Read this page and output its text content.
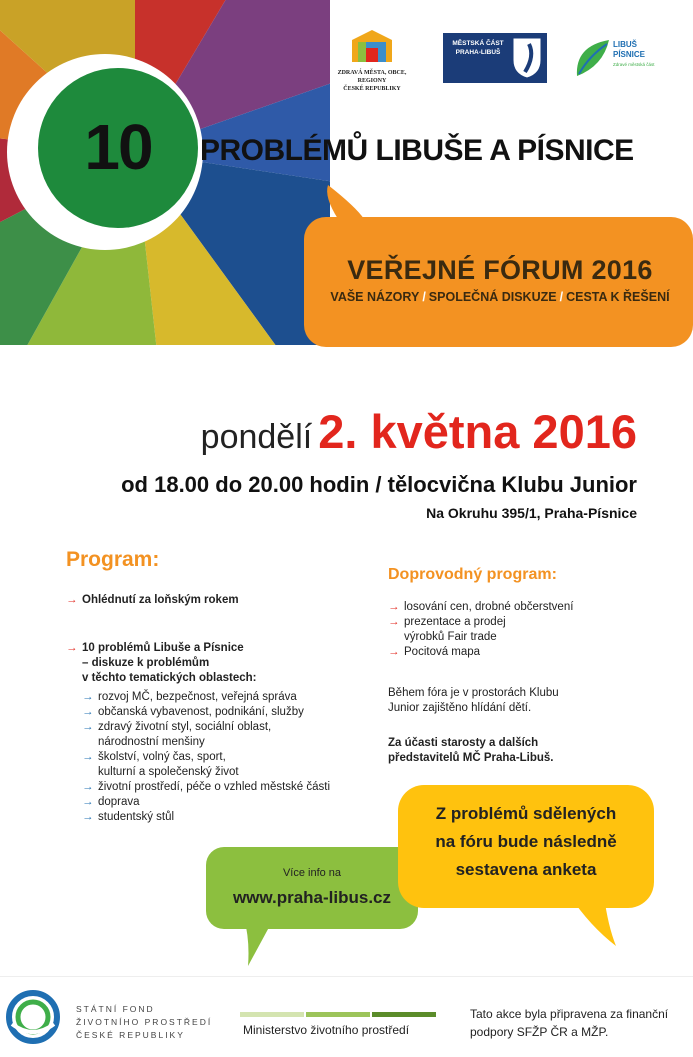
10
ZDRAVÁ MĚSTA, OBCE, REGIONY
ČESKÉ REPUBLIKY
MĚSTSKÁ ČÁST
PRAHA-LIBUŠ
LIBUŠ
PÍSNICE
Zdravé městská část
PROBLÉMŮ LIBUŠE A PÍSNICE
VEŘEJNÉ FÓRUM 2016
VAŠE NÁZORY / SPOLEČNÁ DISKUZE / CESTA K ŘEŠENÍ
pondělí 2. května 2016
od 18.00 do 20.00 hodin / tělocvična Klubu Junior
Na Okruhu 395/1, Praha-Písnice
Program:
→ Ohlédnutí za loňským rokem
→ 10 problémů Libuše a Písnice
– diskuze k problémům
v těchto tematických oblastech:
→ rozvoj MČ, bezpečnost, veřejná správa
→ občanská vybavenost, podnikání, služby
→ zdravý životní styl, sociální oblast,
národnostní menšiny
→ školství, volný čas, sport,
kulturní a společenský život
→ životní prostředí, péče o vzhled městské části
→ doprava
→ studentský stůl
Doprovodný program:
→ losování cen, drobné občerstvení
→ prezentace a prodej
výrobků Fair trade
→ Pocitová mapa
Během fóra je v prostorách Klubu
Junior zajištěno hlídání dětí.
Za účasti starosty a dalších
představitelů MČ Praha-Libuš.
Z problémů sdělených
na fóru bude následně
sestavena anketa
Více info na
www.praha-libus.cz
STÁTNÍ FOND
ŽIVOTNÍHO PROSTŘEDÍ
ČESKÉ REPUBLIKY	Ministerstvo životního prostředí
Tato akce byla připravena za finanční podpory SFŽP ČR a MŽP.
